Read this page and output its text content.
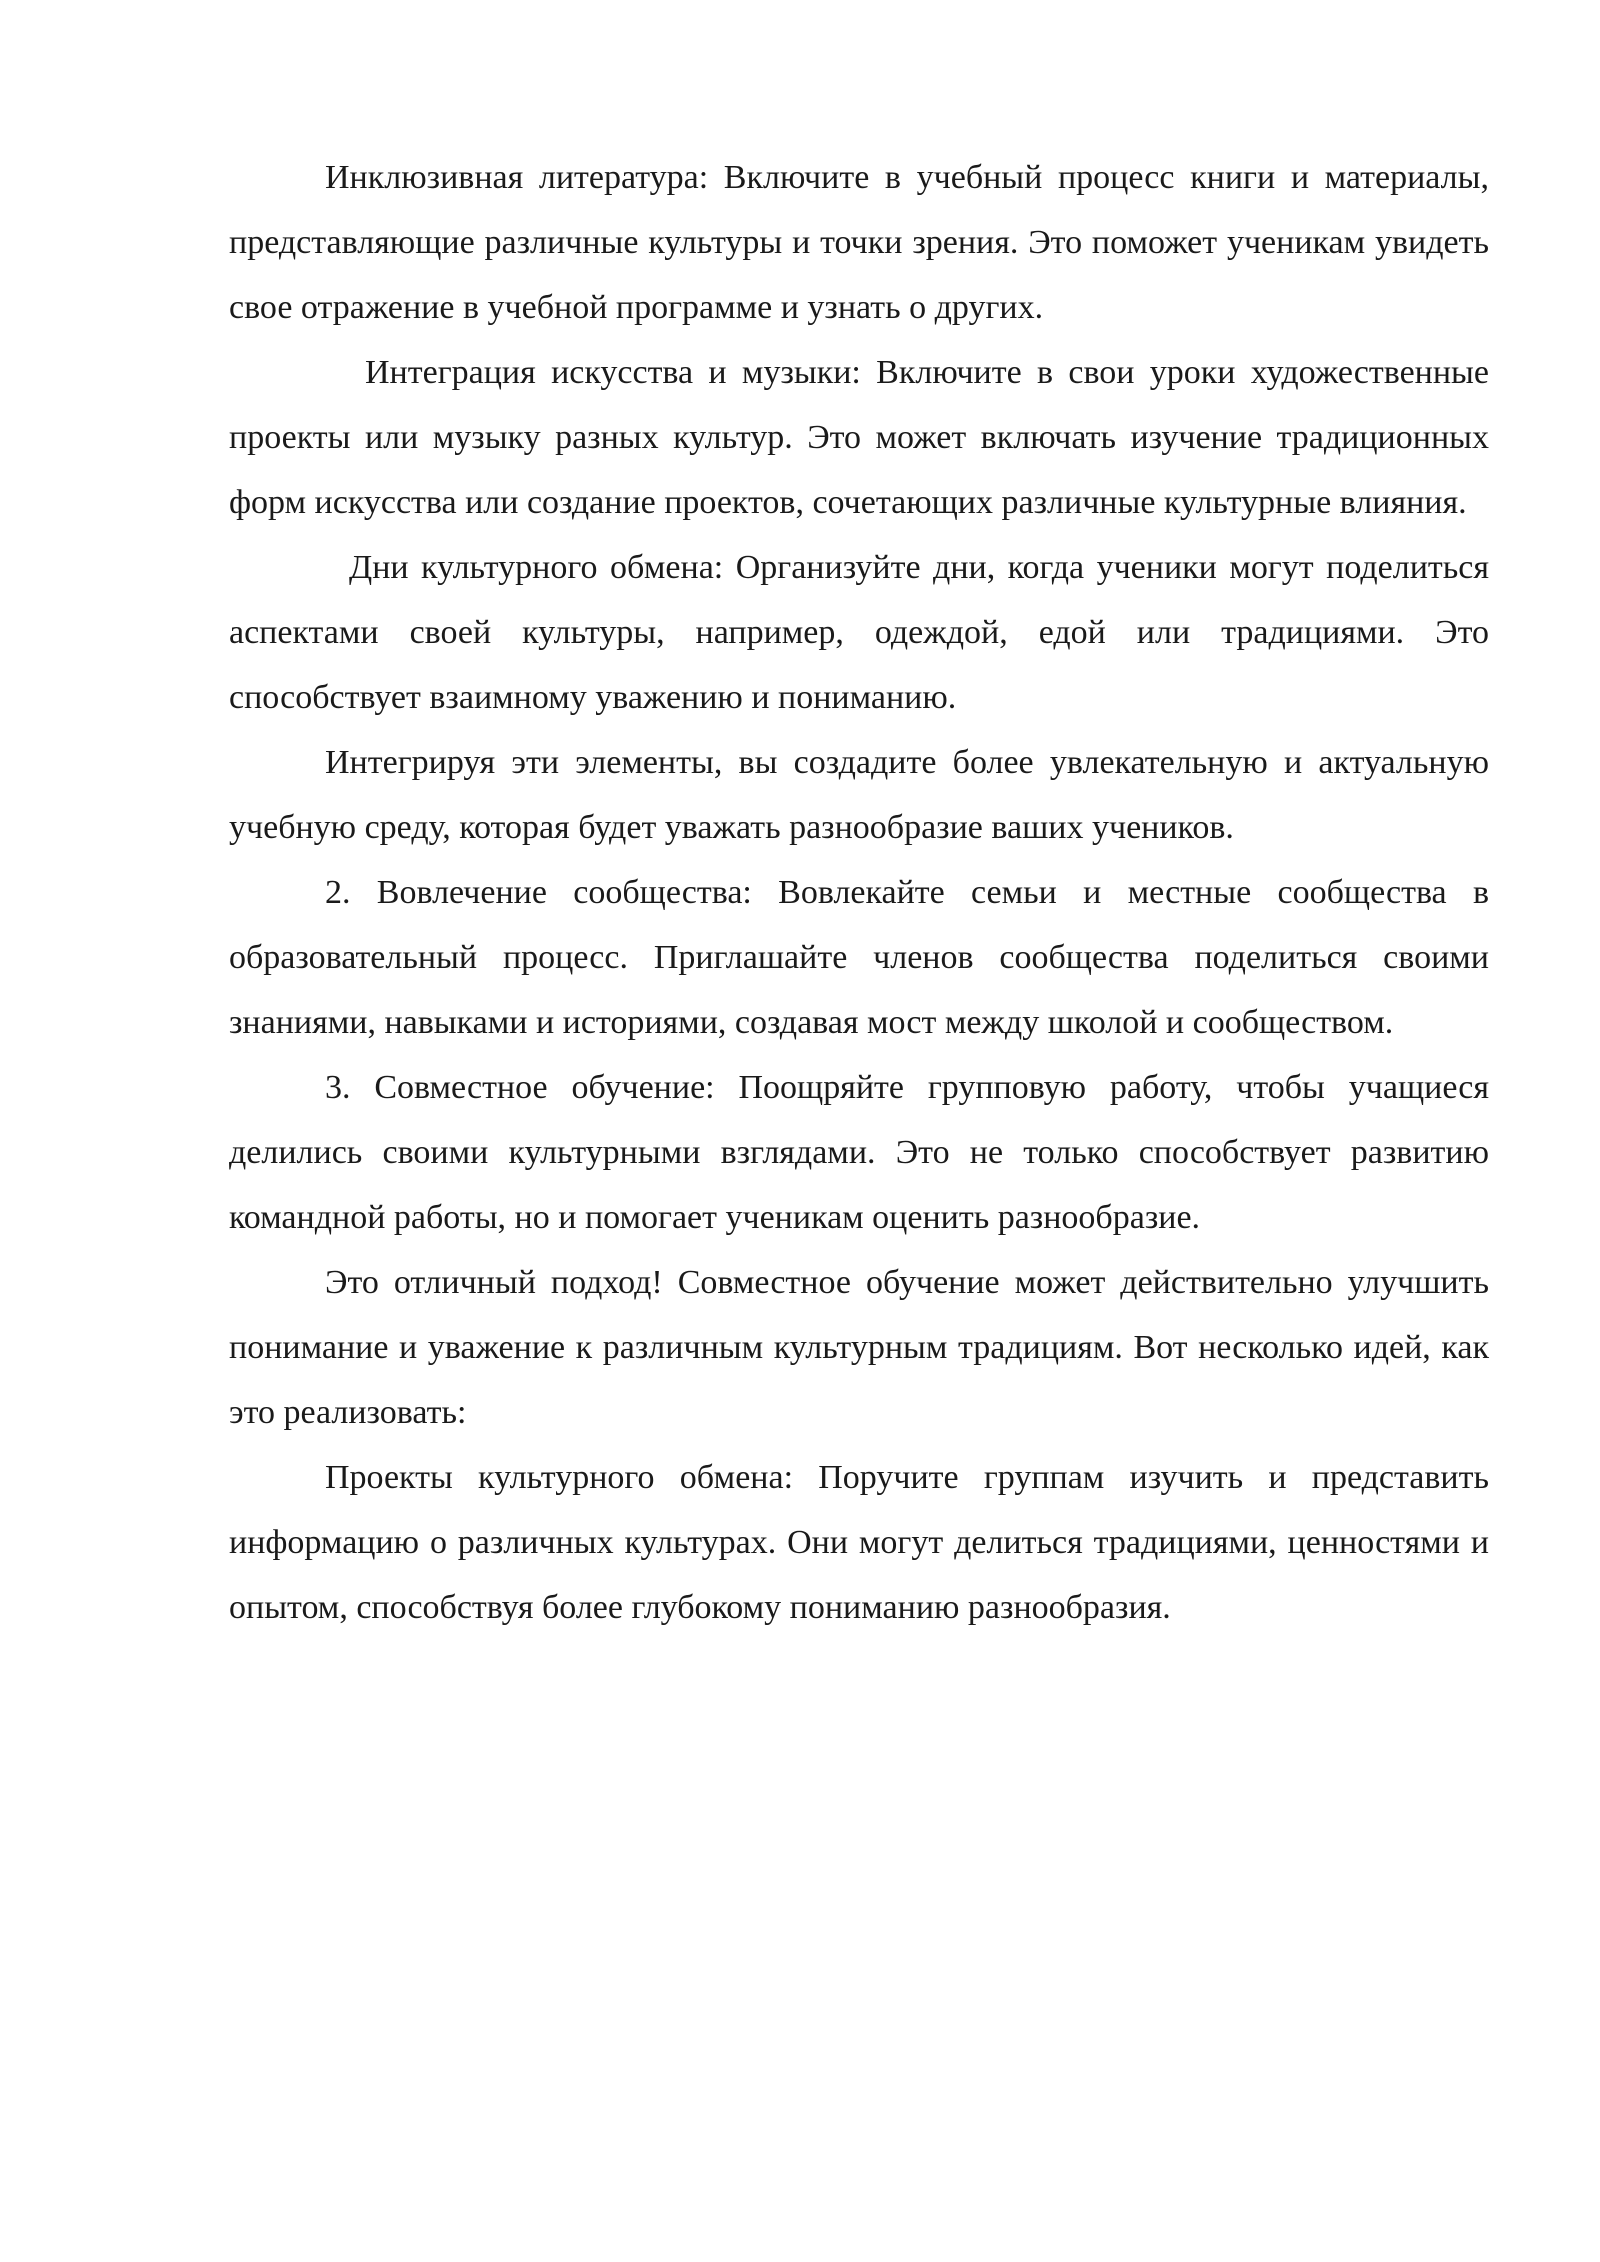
Инклюзивная литература: Включите в учебный процесс книги и материалы, представляющие различные культуры и точки зрения. Это поможет ученикам увидеть свое отражение в учебной программе и узнать о других.

Интеграция искусства и музыки: Включите в свои уроки художественные проекты или музыку разных культур. Это может включать изучение традиционных форм искусства или создание проектов, сочетающих различные культурные влияния.

Дни культурного обмена: Организуйте дни, когда ученики могут поделиться аспектами своей культуры, например, одеждой, едой или традициями. Это способствует взаимному уважению и пониманию.

Интегрируя эти элементы, вы создадите более увлекательную и актуальную учебную среду, которая будет уважать разнообразие ваших учеников.

2. Вовлечение сообщества: Вовлекайте семьи и местные сообщества в образовательный процесс. Приглашайте членов сообщества поделиться своими знаниями, навыками и историями, создавая мост между школой и сообществом.

3. Совместное обучение: Поощряйте групповую работу, чтобы учащиеся делились своими культурными взглядами. Это не только способствует развитию командной работы, но и помогает ученикам оценить разнообразие.

Это отличный подход! Совместное обучение может действительно улучшить понимание и уважение к различным культурным традициям. Вот несколько идей, как это реализовать:

Проекты культурного обмена: Поручите группам изучить и представить информацию о различных культурах. Они могут делиться традициями, ценностями и опытом, способствуя более глубокому пониманию разнообразия.
